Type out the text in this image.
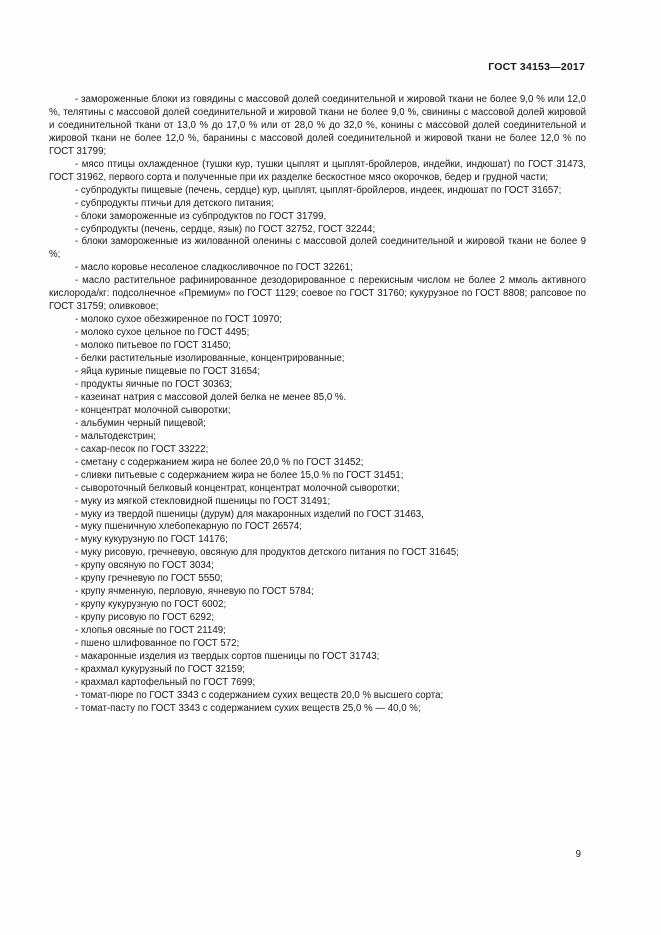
ГОСТ 34153—2017

- замороженные блоки из говядины с массовой долей соединительной и жировой ткани не более 9,0 % или 12,0 %, телятины с массовой долей соединительной и жировой ткани не более 9,0 %, свинины с массовой долей жировой и соединительной ткани от 13,0 % до 17,0 % или от 28,0 % до 32,0 %, конины с массовой долей соединительной и жировой ткани не более 12,0 %, баранины с массовой долей соединительной и жировой ткани не более 12,0 % по ГОСТ 31799;

- мясо птицы охлажденное (тушки кур, тушки цыплят и цыплят-бройлеров, индейки, индюшат) по ГОСТ 31473, ГОСТ 31962, первого сорта и полученные при их разделке бескостное мясо окорочков, бедер и грудной части;

- субпродукты пищевые (печень, сердце) кур, цыплят, цыплят-бройлеров, индеек, индюшат по ГОСТ 31657;

- субпродукты птичьи для детского питания;

- блоки замороженные из субпродуктов по ГОСТ 31799,

- субпродукты (печень, сердце, язык) по ГОСТ 32752, ГОСТ 32244;

- блоки замороженные из жилованной оленины с массовой долей соединительной и жировой ткани не более 9 %;

- масло коровье несоленое сладкосливочное по ГОСТ 32261;

- масло растительное рафинированное дезодорированное с перекисным числом не более 2 ммоль активного кислорода/кг: подсолнечное «Премиум» по ГОСТ 1129; соевое по ГОСТ 31760; кукурузное по ГОСТ 8808; рапсовое по ГОСТ 31759; оливковое;

- молоко сухое обезжиренное по ГОСТ 10970;

- молоко сухое цельное по ГОСТ 4495;

- молоко питьевое по ГОСТ 31450;

- белки растительные изолированные, концентрированные;

- яйца куриные пищевые по ГОСТ 31654;

- продукты яичные по ГОСТ 30363;

- казеинат натрия с массовой долей белка не менее 85,0 %.

- концентрат молочной сыворотки;

- альбумин черный пищевой;

- мальтодекстрин;

- сахар-песок по ГОСТ 33222;

- сметану с содержанием жира не более 20,0 % по ГОСТ 31452;

- сливки питьевые с содержанием жира не более 15,0 % по ГОСТ 31451;

- сывороточный белковый концентрат, концентрат молочной сыворотки;

- муку из мягкой стекловидной пшеницы по ГОСТ 31491;

- муку из твердой пшеницы (дурум) для макаронных изделий по ГОСТ 31463,

- муку пшеничную хлебопекарную по ГОСТ 26574;

- муку кукурузную по ГОСТ 14176;

- муку рисовую, гречневую, овсяную для продуктов детского питания по ГОСТ 31645;

- крупу овсяную по ГОСТ 3034;

- крупу гречневую по ГОСТ 5550;

- крупу ячменную, перловую, ячневую по ГОСТ 5784;

- крупу кукурузную по ГОСТ 6002;

- крупу рисовую по ГОСТ 6292;

- хлопья овсяные по ГОСТ 21149;

- пшено шлифованное по ГОСТ 572;

- макаронные изделия из твердых сортов пшеницы по ГОСТ 31743;

- крахмал кукурузный по ГОСТ 32159;

- крахмал картофельный по ГОСТ 7699;

- томат-пюре по ГОСТ 3343 с содержанием сухих веществ 20,0 % высшего сорта;

- томат-пасту по ГОСТ 3343 с содержанием сухих веществ 25,0 % — 40,0 %;

9
